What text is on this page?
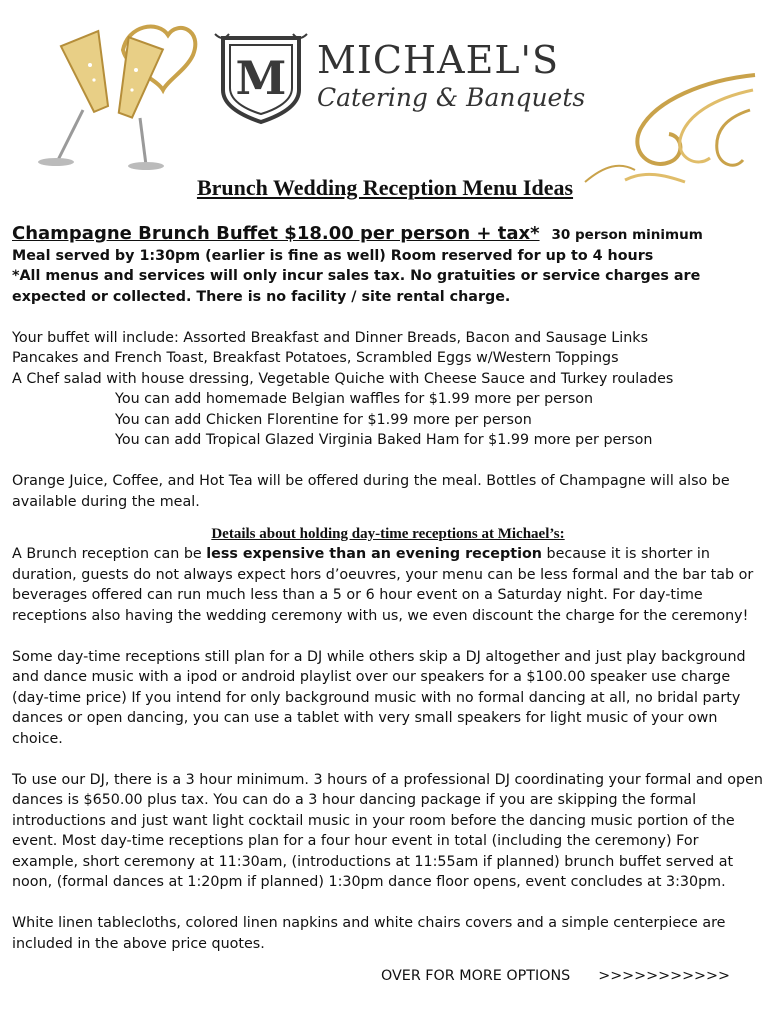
M MICHAEL'S
Catering & Banquets
Brunch Wedding Reception Menu Ideas

Champagne Brunch Buffet $18.00 per person + tax* 30 person minimum

Meal served by 1:30pm (earlier is fine as well) Room reserved for up to 4 hours

*All menus and services will only incur sales tax. No gratuities or service charges are expected or collected. There is no facility / site rental charge.

Your buffet will include: Assorted Breakfast and Dinner Breads, Bacon and Sausage Links

Pancakes and French Toast, Breakfast Potatoes, Scrambled Eggs w/Western Toppings

A Chef salad with house dressing, Vegetable Quiche with Cheese Sauce and Turkey roulades

You can add homemade Belgian waffles for $1.99 more per person

You can add Chicken Florentine for $1.99 more per person

You can add Tropical Glazed Virginia Baked Ham for $1.99 more per person

Orange Juice, Coffee, and Hot Tea will be offered during the meal. Bottles of Champagne will also be available during the meal.

Details about holding day-time receptions at Michael’s:

A Brunch reception can be less expensive than an evening reception because it is shorter in duration, guests do not always expect hors d’oeuvres, your menu can be less formal and the bar tab or beverages offered can run much less than a 5 or 6 hour event on a Saturday night. For day-time receptions also having the wedding ceremony with us, we even discount the charge for the ceremony!

Some day-time receptions still plan for a DJ while others skip a DJ altogether and just play background and dance music with a ipod or android playlist over our speakers for a $100.00 speaker use charge (day-time price) If you intend for only background music with no formal dancing at all, no bridal party dances or open dancing, you can use a tablet with very small speakers for light music of your own choice.

To use our DJ, there is a 3 hour minimum. 3 hours of a professional DJ coordinating your formal and open dances is $650.00 plus tax. You can do a 3 hour dancing package if you are skipping the formal introductions and just want light cocktail music in your room before the dancing music portion of the event. Most day-time receptions plan for a four hour event in total (including the ceremony) For example, short ceremony at 11:30am, (introductions at 11:55am if planned) brunch buffet served at noon, (formal dances at 1:20pm if planned) 1:30pm dance floor opens, event concludes at 3:30pm.

White linen tablecloths, colored linen napkins and white chairs covers and a simple centerpiece are included in the above price quotes.

OVER FOR MORE OPTIONS >>>>>>>>>>>
